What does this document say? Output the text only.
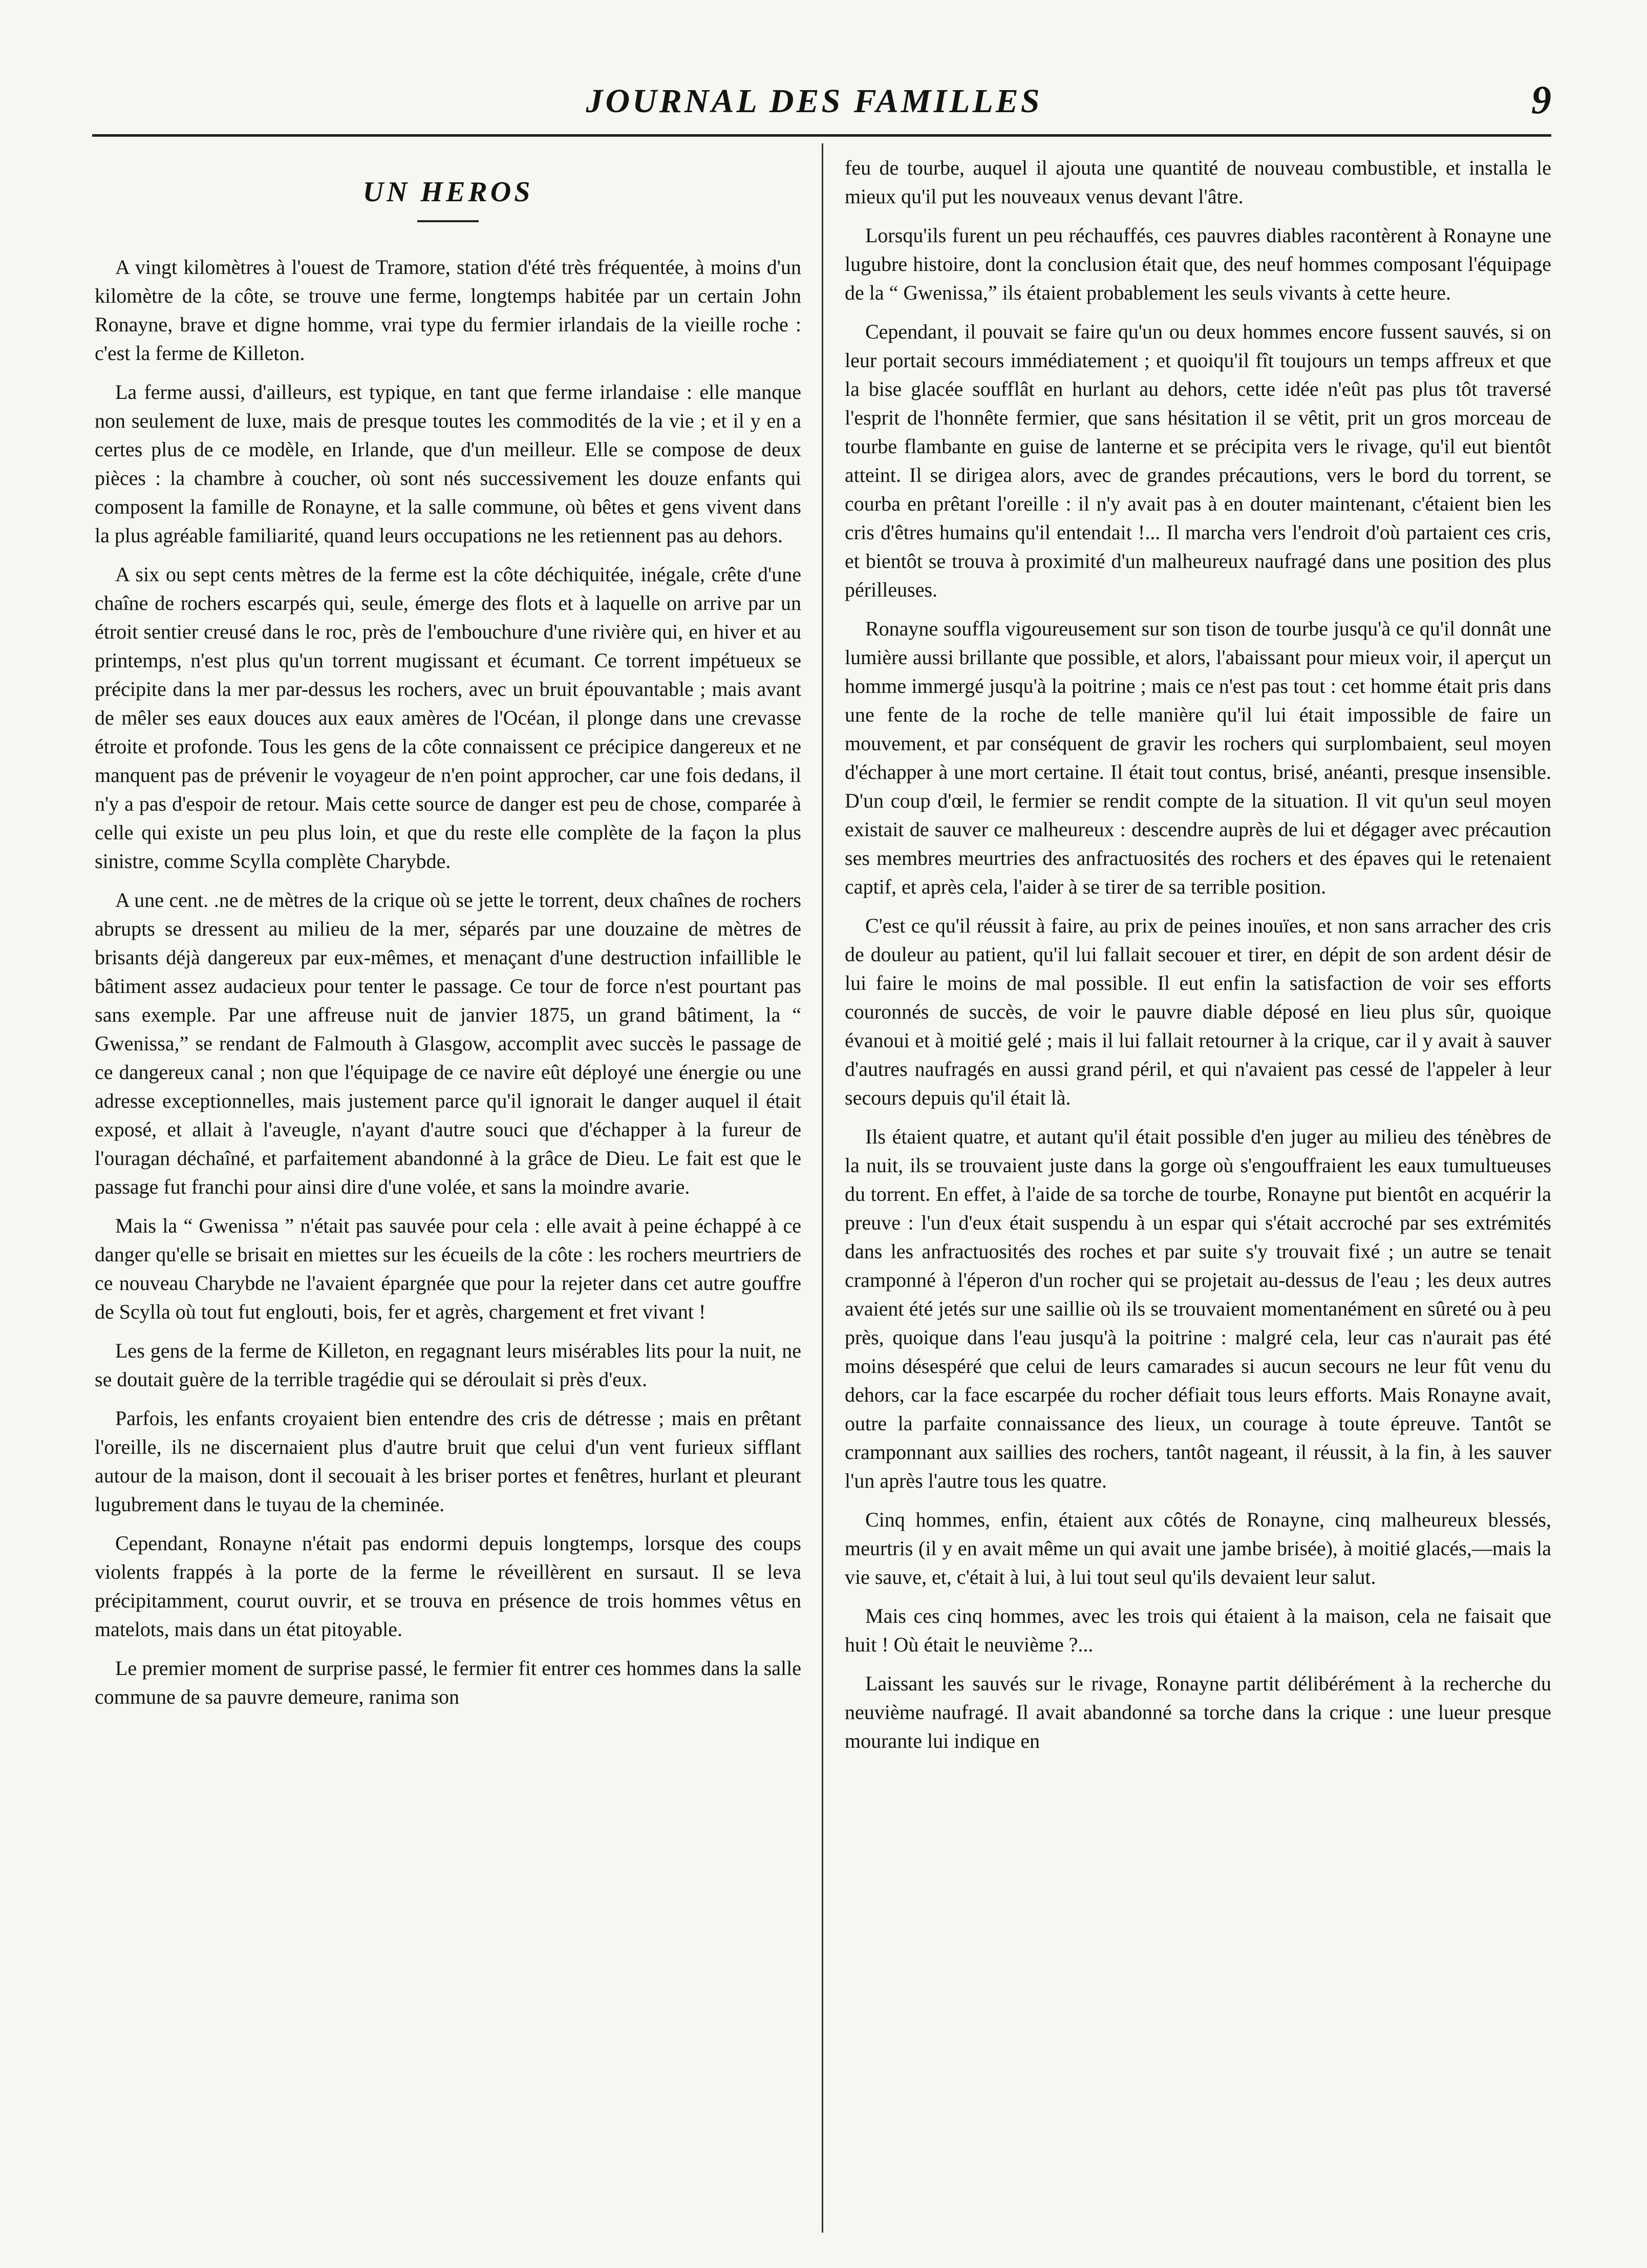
JOURNAL DES FAMILLES	9
UN HEROS

A vingt kilomètres à l'ouest de Tramore, station d'été très fréquentée, à moins d'un kilomètre de la côte, se trouve une ferme, longtemps habitée par un certain John Ronayne, brave et digne homme, vrai type du fermier irlandais de la vieille roche : c'est la ferme de Killeton.

La ferme aussi, d'ailleurs, est typique, en tant que ferme irlandaise : elle manque non seulement de luxe, mais de presque toutes les commodités de la vie ; et il y en a certes plus de ce modèle, en Irlande, que d'un meilleur. Elle se compose de deux pièces : la chambre à coucher, où sont nés successivement les douze enfants qui composent la famille de Ronayne, et la salle commune, où bêtes et gens vivent dans la plus agréable familiarité, quand leurs occupations ne les retiennent pas au dehors.

A six ou sept cents mètres de la ferme est la côte déchiquitée, inégale, crête d'une chaîne de rochers escarpés qui, seule, émerge des flots et à laquelle on arrive par un étroit sentier creusé dans le roc, près de l'embouchure d'une rivière qui, en hiver et au printemps, n'est plus qu'un torrent mugissant et écumant. Ce torrent impétueux se précipite dans la mer par-dessus les rochers, avec un bruit épouvantable ; mais avant de mêler ses eaux douces aux eaux amères de l'Océan, il plonge dans une crevasse étroite et profonde. Tous les gens de la côte connaissent ce précipice dangereux et ne manquent pas de prévenir le voyageur de n'en point approcher, car une fois dedans, il n'y a pas d'espoir de retour. Mais cette source de danger est peu de chose, comparée à celle qui existe un peu plus loin, et que du reste elle complète de la façon la plus sinistre, comme Scylla complète Charybde.

A une cent. .ne de mètres de la crique où se jette le torrent, deux chaînes de rochers abrupts se dressent au milieu de la mer, séparés par une douzaine de mètres de brisants déjà dangereux par eux-mêmes, et menaçant d'une destruction infaillible le bâtiment assez audacieux pour tenter le passage. Ce tour de force n'est pourtant pas sans exemple. Par une affreuse nuit de janvier 1875, un grand bâtiment, la “ Gwenissa,” se rendant de Falmouth à Glasgow, accomplit avec succès le passage de ce dangereux canal ; non que l'équipage de ce navire eût déployé une énergie ou une adresse exceptionnelles, mais justement parce qu'il ignorait le danger auquel il était exposé, et allait à l'aveugle, n'ayant d'autre souci que d'échapper à la fureur de l'ouragan déchaîné, et parfaitement abandonné à la grâce de Dieu. Le fait est que le passage fut franchi pour ainsi dire d'une volée, et sans la moindre avarie.

Mais la “ Gwenissa ” n'était pas sauvée pour cela : elle avait à peine échappé à ce danger qu'elle se brisait en miettes sur les écueils de la côte : les rochers meurtriers de ce nouveau Charybde ne l'avaient épargnée que pour la rejeter dans cet autre gouffre de Scylla où tout fut englouti, bois, fer et agrès, chargement et fret vivant !

Les gens de la ferme de Killeton, en regagnant leurs misérables lits pour la nuit, ne se doutait guère de la terrible tragédie qui se déroulait si près d'eux.

Parfois, les enfants croyaient bien entendre des cris de détresse ; mais en prêtant l'oreille, ils ne discernaient plus d'autre bruit que celui d'un vent furieux sifflant autour de la maison, dont il secouait à les briser portes et fenêtres, hurlant et pleurant lugubrement dans le tuyau de la cheminée.

Cependant, Ronayne n'était pas endormi depuis longtemps, lorsque des coups violents frappés à la porte de la ferme le réveillèrent en sursaut. Il se leva précipitamment, courut ouvrir, et se trouva en présence de trois hommes vêtus en matelots, mais dans un état pitoyable.

Le premier moment de surprise passé, le fermier fit entrer ces hommes dans la salle commune de sa pauvre demeure, ranima son

feu de tourbe, auquel il ajouta une quantité de nouveau combustible, et installa le mieux qu'il put les nouveaux venus devant l'âtre.

Lorsqu'ils furent un peu réchauffés, ces pauvres diables racontèrent à Ronayne une lugubre histoire, dont la conclusion était que, des neuf hommes composant l'équipage de la “ Gwenissa,” ils étaient probablement les seuls vivants à cette heure.

Cependant, il pouvait se faire qu'un ou deux hommes encore fussent sauvés, si on leur portait secours immédiatement ; et quoiqu'il fît toujours un temps affreux et que la bise glacée soufflât en hurlant au dehors, cette idée n'eût pas plus tôt traversé l'esprit de l'honnête fermier, que sans hésitation il se vêtit, prit un gros morceau de tourbe flambante en guise de lanterne et se précipita vers le rivage, qu'il eut bientôt atteint. Il se dirigea alors, avec de grandes précautions, vers le bord du torrent, se courba en prêtant l'oreille : il n'y avait pas à en douter maintenant, c'étaient bien les cris d'êtres humains qu'il entendait !... Il marcha vers l'endroit d'où partaient ces cris, et bientôt se trouva à proximité d'un malheureux naufragé dans une position des plus périlleuses.

Ronayne souffla vigoureusement sur son tison de tourbe jusqu'à ce qu'il donnât une lumière aussi brillante que possible, et alors, l'abaissant pour mieux voir, il aperçut un homme immergé jusqu'à la poitrine ; mais ce n'est pas tout : cet homme était pris dans une fente de la roche de telle manière qu'il lui était impossible de faire un mouvement, et par conséquent de gravir les rochers qui surplombaient, seul moyen d'échapper à une mort certaine. Il était tout contus, brisé, anéanti, presque insensible. D'un coup d'œil, le fermier se rendit compte de la situation. Il vit qu'un seul moyen existait de sauver ce malheureux : descendre auprès de lui et dégager avec précaution ses membres meurtries des anfractuosités des rochers et des épaves qui le retenaient captif, et après cela, l'aider à se tirer de sa terrible position.

C'est ce qu'il réussit à faire, au prix de peines inouïes, et non sans arracher des cris de douleur au patient, qu'il lui fallait secouer et tirer, en dépit de son ardent désir de lui faire le moins de mal possible. Il eut enfin la satisfaction de voir ses efforts couronnés de succès, de voir le pauvre diable déposé en lieu plus sûr, quoique évanoui et à moitié gelé ; mais il lui fallait retourner à la crique, car il y avait à sauver d'autres naufragés en aussi grand péril, et qui n'avaient pas cessé de l'appeler à leur secours depuis qu'il était là.

Ils étaient quatre, et autant qu'il était possible d'en juger au milieu des ténèbres de la nuit, ils se trouvaient juste dans la gorge où s'engouffraient les eaux tumultueuses du torrent. En effet, à l'aide de sa torche de tourbe, Ronayne put bientôt en acquérir la preuve : l'un d'eux était suspendu à un espar qui s'était accroché par ses extrémités dans les anfractuosités des roches et par suite s'y trouvait fixé ; un autre se tenait cramponné à l'éperon d'un rocher qui se projetait au-dessus de l'eau ; les deux autres avaient été jetés sur une saillie où ils se trouvaient momentanément en sûreté ou à peu près, quoique dans l'eau jusqu'à la poitrine : malgré cela, leur cas n'aurait pas été moins désespéré que celui de leurs camarades si aucun secours ne leur fût venu du dehors, car la face escarpée du rocher défiait tous leurs efforts. Mais Ronayne avait, outre la parfaite connaissance des lieux, un courage à toute épreuve. Tantôt se cramponnant aux saillies des rochers, tantôt nageant, il réussit, à la fin, à les sauver l'un après l'autre tous les quatre.

Cinq hommes, enfin, étaient aux côtés de Ronayne, cinq malheureux blessés, meurtris (il y en avait même un qui avait une jambe brisée), à moitié glacés,—mais la vie sauve, et, c'était à lui, à lui tout seul qu'ils devaient leur salut.

Mais ces cinq hommes, avec les trois qui étaient à la maison, cela ne faisait que huit ! Où était le neuvième ?...

Laissant les sauvés sur le rivage, Ronayne partit délibérément à la recherche du neuvième naufragé. Il avait abandonné sa torche dans la crique : une lueur presque mourante lui indique en
